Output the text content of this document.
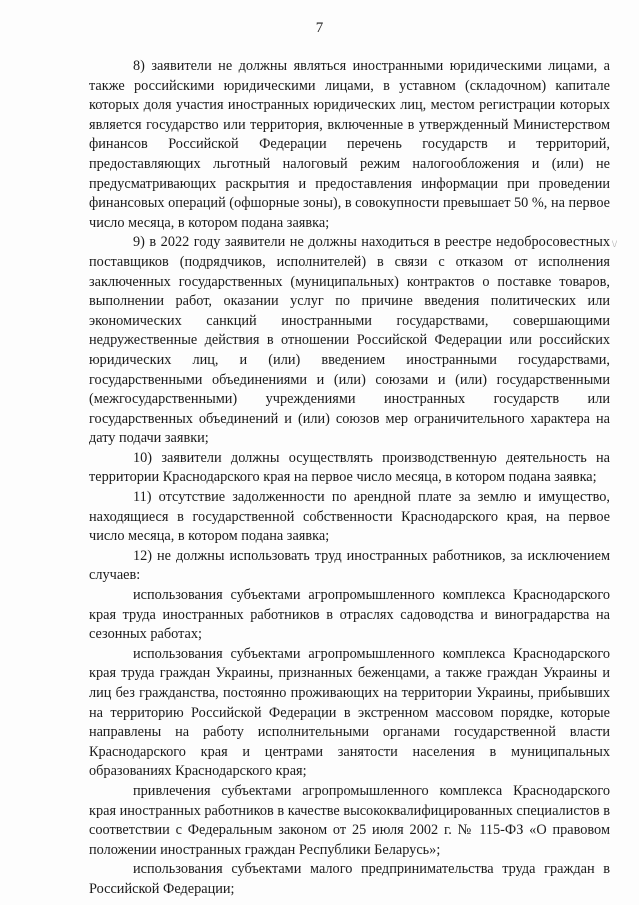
7
\/

8) заявители не должны являться иностранными юридическими лицами, а также российскими юридическими лицами, в уставном (складочном) капитале которых доля участия иностранных юридических лиц, местом регистрации которых является государство или территория, включенные в утвержденный Министерством финансов Российской Федерации перечень государств и территорий, предоставляющих льготный налоговый режим налогообложения и (или) не предусматривающих раскрытия и предоставления информации при проведении финансовых операций (офшорные зоны), в совокупности превышает 50 %, на первое число месяца, в котором подана заявка;

9) в 2022 году заявители не должны находиться в реестре недобросовестных поставщиков (подрядчиков, исполнителей) в связи с отказом от исполнения заключенных государственных (муниципальных) контрактов о поставке товаров, выполнении работ, оказании услуг по причине введения политических или экономических санкций иностранными государствами, совершающими недружественные действия в отношении Российской Федерации или российских юридических лиц, и (или) введением иностранными государствами, государственными объединениями и (или) союзами и (или) государственными (межгосударственными) учреждениями иностранных государств или государственных объединений и (или) союзов мер ограничительного характера на дату подачи заявки;

10) заявители должны осуществлять производственную деятельность на территории Краснодарского края на первое число месяца, в котором подана заявка;

11) отсутствие задолженности по арендной плате за землю и имущество, находящиеся в государственной собственности Краснодарского края, на первое число месяца, в котором подана заявка;

12) не должны использовать труд иностранных работников, за исключением случаев:

использования субъектами агропромышленного комплекса Краснодарского края труда иностранных работников в отраслях садоводства и виноградарства на сезонных работах;

использования субъектами агропромышленного комплекса Краснодарского края труда граждан Украины, признанных беженцами, а также граждан Украины и лиц без гражданства, постоянно проживающих на территории Украины, прибывших на территорию Российской Федерации в экстренном массовом порядке, которые направлены на работу исполнительными органами государственной власти Краснодарского края и центрами занятости населения в муниципальных образованиях Краснодарского края;

привлечения субъектами агропромышленного комплекса Краснодарского края иностранных работников в качестве высококвалифицированных специалистов в соответствии с Федеральным законом от 25 июля 2002 г. № 115-ФЗ «О правовом положении иностранных граждан Республики Беларусь»;

использования субъектами малого предпринимательства труда граждан в Российской Федерации;
